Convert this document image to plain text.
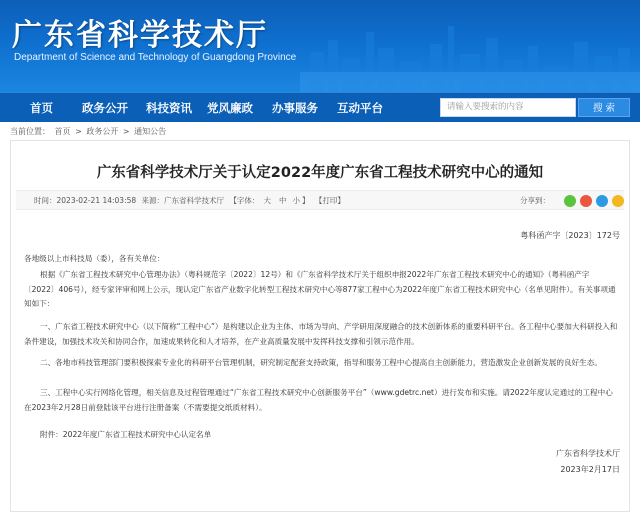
广东省科学技术厅
Department of Science and Technology of Guangdong Province
首页	政务公开 科技资讯 党风廉政 办事服务 互动平台	请输入要搜索的内容	搜 索
当前位置： 首页 > 政务公开 > 通知公告
广东省科学技术厅关于认定2022年度广东省工程技术研究中心的通知
时间：2023-02-21 14:03:58 来源：广东省科学技术厅 【字体： 大 中 小 】 【打印】	分享到：
粤科函产字〔2023〕172号
各地级以上市科技局（委），各有关单位：
根据《广东省工程技术研究中心管理办法》（粤科规范字〔2022〕12号）和《广东省科学技术厅关于组织申报2022年广东省工程技术研究中心的通知》（粤科函产字〔2022〕406号），经专家评审和网上公示，现认定广东省产业数字化转型工程技术研究中心等877家工程中心为2022年度广东省工程技术研究中心（名单见附件）。有关事项通知如下：
一、广东省工程技术研究中心（以下简称“工程中心”）是构建以企业为主体、市场为导向、产学研用深度融合的技术创新体系的重要科研平台。各工程中心要加大科研投入和条件建设，加强技术攻关和协同合作，加速成果转化和人才培养，在产业高质量发展中发挥科技支撑和引领示范作用。
二、各地市科技管理部门要积极探索专业化的科研平台管理机制，研究制定配套支持政策，指导和服务工程中心提高自主创新能力，营造激发企业创新发展的良好生态。
三、工程中心实行网络化管理，相关信息及过程管理通过“广东省工程技术研究中心创新服务平台”（www.gdetrc.net）进行发布和实施。请2022年度认定通过的工程中心在2023年2月28日前登陆该平台进行注册备案（不需要提交纸质材料）。
附件：2022年度广东省工程技术研究中心认定名单
广东省科学技术厅
2023年2月17日
